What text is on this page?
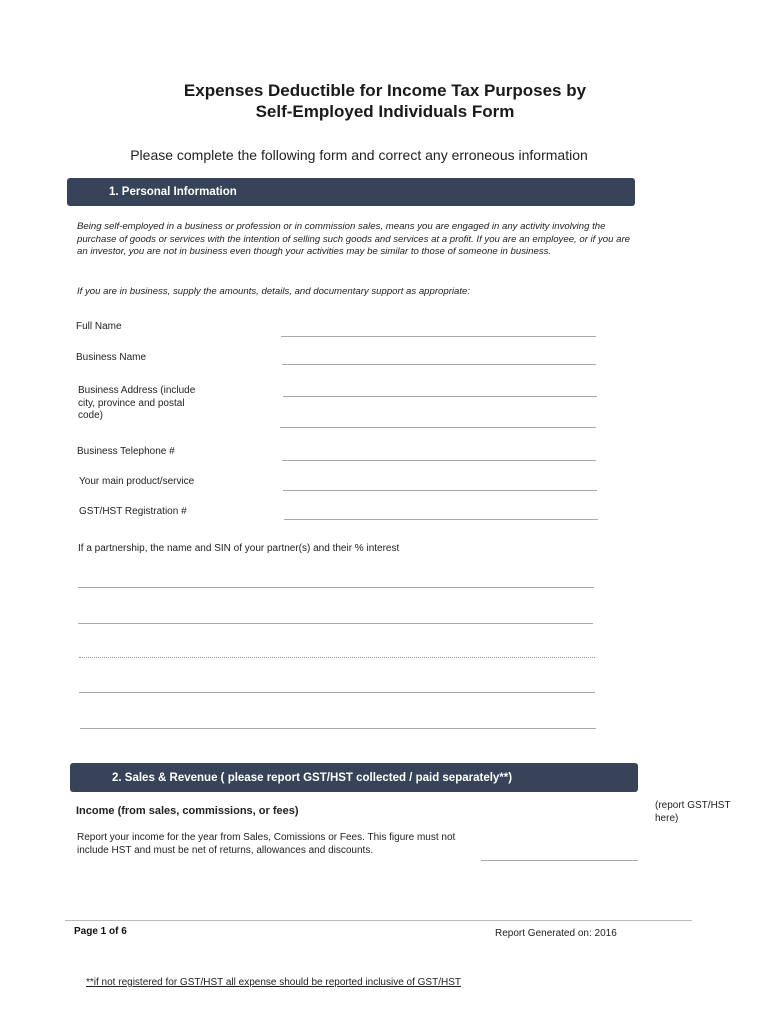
Expenses Deductible for Income Tax Purposes by
Self-Employed Individuals Form
Please complete the following form and correct any erroneous information
1. Personal Information
Being self-employed in a business or profession or in commission sales, means you are engaged in any activity involving the purchase of goods or services with the intention of selling such goods and services at a profit. If you are an employee, or if you are an investor, you are not in business even though your activities may be similar to those of someone in business.
If you are in business, supply the amounts, details, and documentary support as appropriate:
Full Name
Business Name
Business Address (include city, province and postal code)
Business Telephone #
Your main product/service
GST/HST Registration #
If a partnership, the name and SIN of your partner(s) and their % interest
2. Sales & Revenue ( please report GST/HST collected / paid separately**)
Income (from sales, commissions, or fees)	(report GST/HST here)
Report your income for the year from Sales, Comissions or Fees. This figure must not include HST and must be net of returns, allowances and discounts.
Page 1 of 6	Report Generated on: 2016
**if not registered for GST/HST all expense should be reported inclusive of GST/HST
